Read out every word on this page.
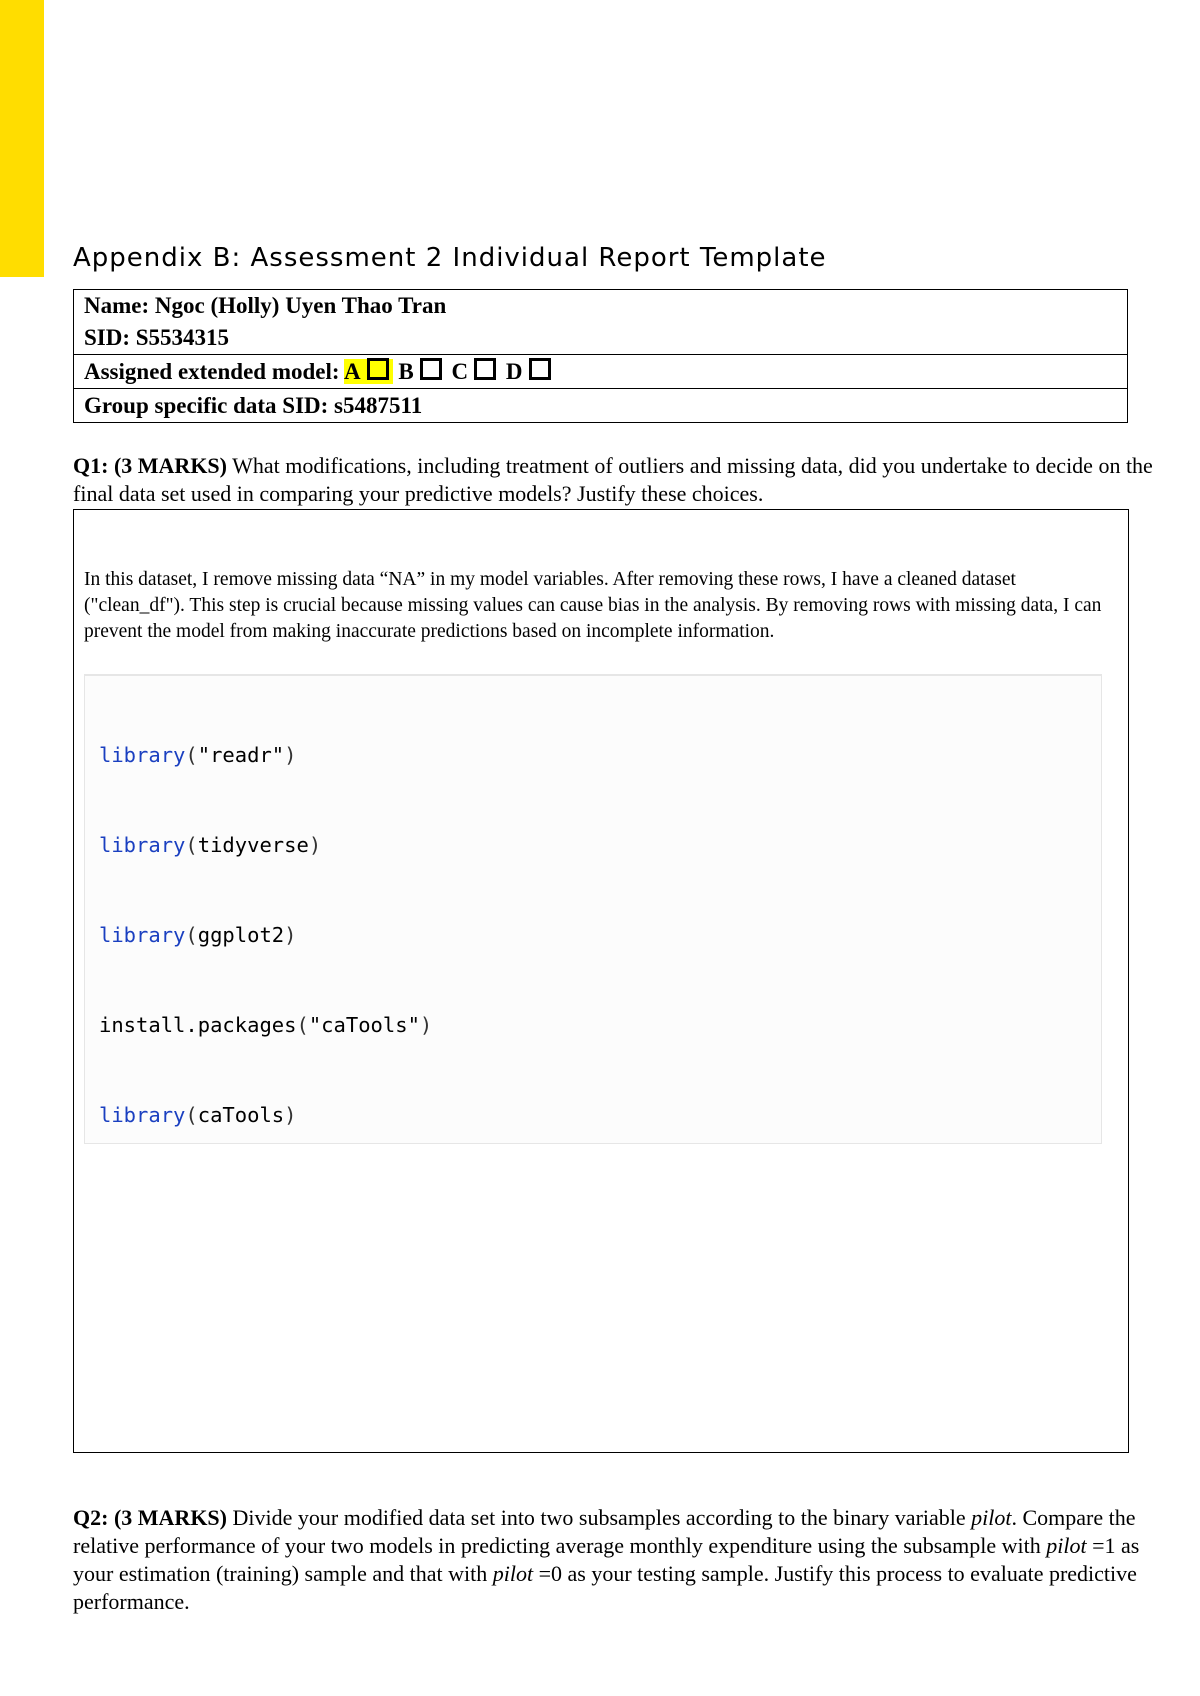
Appendix B: Assessment 2 Individual Report Template
Name: Ngoc (Holly) Uyen Thao Tran
SID: S5534315

Assigned extended model: A B C D
Group specific data SID: s5487511
Q1: (3 MARKS) What modifications, including treatment of outliers and missing data, did you undertake to decide on the final data set used in comparing your predictive models? Justify these choices.
In this dataset, I remove missing data “NA” in my model variables. After removing these rows, I have a cleaned dataset ("clean_df"). This step is crucial because missing values can cause bias in the analysis. By removing rows with missing data, I can prevent the model from making inaccurate predictions based on incomplete information.

library("readr")

library(tidyverse)

library(ggplot2)

install.packages("caTools")

library(caTools)

Q2: (3 MARKS) Divide your modified data set into two subsamples according to the binary variable pilot. Compare the relative performance of your two models in predicting average monthly expenditure using the subsample with pilot =1 as your estimation (training) sample and that with pilot =0 as your testing sample. Justify this process to evaluate predictive performance.
